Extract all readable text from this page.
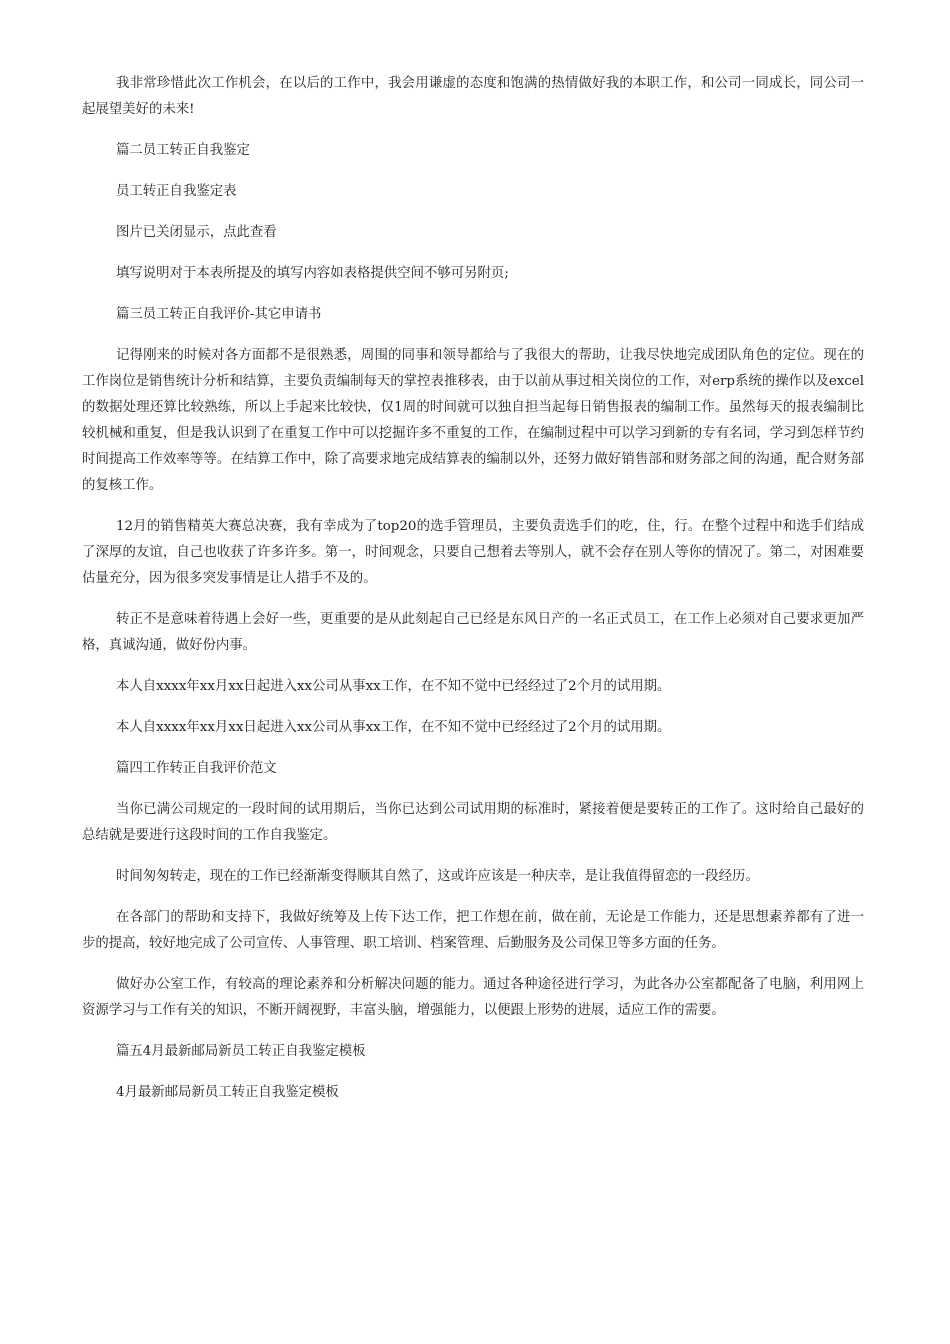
我非常珍惜此次工作机会，在以后的工作中，我会用谦虚的态度和饱满的热情做好我的本职工作，和公司一同成长，同公司一起展望美好的未来!

篇二员工转正自我鉴定

员工转正自我鉴定表

图片已关闭显示，点此查看

填写说明对于本表所提及的填写内容如表格提供空间不够可另附页;

篇三员工转正自我评价-其它申请书

记得刚来的时候对各方面都不是很熟悉，周围的同事和领导都给与了我很大的帮助，让我尽快地完成团队角色的定位。现在的工作岗位是销售统计分析和结算，主要负责编制每天的掌控表推移表，由于以前从事过相关岗位的工作，对erp系统的操作以及excel的数据处理还算比较熟练，所以上手起来比较快，仅1周的时间就可以独自担当起每日销售报表的编制工作。虽然每天的报表编制比较机械和重复，但是我认识到了在重复工作中可以挖掘许多不重复的工作，在编制过程中可以学习到新的专有名词，学习到怎样节约时间提高工作效率等等。在结算工作中，除了高要求地完成结算表的编制以外，还努力做好销售部和财务部之间的沟通，配合财务部的复核工作。

12月的销售精英大赛总决赛，我有幸成为了top20的选手管理员，主要负责选手们的吃，住，行。在整个过程中和选手们结成了深厚的友谊，自己也收获了许多许多。第一，时间观念，只要自己想着去等别人，就不会存在别人等你的情况了。第二，对困难要估量充分，因为很多突发事情是让人措手不及的。

转正不是意味着待遇上会好一些，更重要的是从此刻起自己已经是东风日产的一名正式员工，在工作上必须对自己要求更加严格，真诚沟通，做好份内事。

本人自xxxx年xx月xx日起进入xx公司从事xx工作，在不知不觉中已经经过了2个月的试用期。

本人自xxxx年xx月xx日起进入xx公司从事xx工作，在不知不觉中已经经过了2个月的试用期。

篇四工作转正自我评价范文

当你已满公司规定的一段时间的试用期后，当你已达到公司试用期的标准时，紧接着便是要转正的工作了。这时给自己最好的总结就是要进行这段时间的工作自我鉴定。

时间匆匆转走，现在的工作已经渐渐变得顺其自然了，这或许应该是一种庆幸，是让我值得留恋的一段经历。

在各部门的帮助和支持下，我做好统筹及上传下达工作，把工作想在前，做在前，无论是工作能力，还是思想素养都有了进一步的提高，较好地完成了公司宣传、人事管理、职工培训、档案管理、后勤服务及公司保卫等多方面的任务。

做好办公室工作，有较高的理论素养和分析解决问题的能力。通过各种途径进行学习，为此各办公室都配备了电脑，利用网上资源学习与工作有关的知识，不断开阔视野，丰富头脑，增强能力，以便跟上形势的进展，适应工作的需要。

篇五4月最新邮局新员工转正自我鉴定模板

4月最新邮局新员工转正自我鉴定模板
